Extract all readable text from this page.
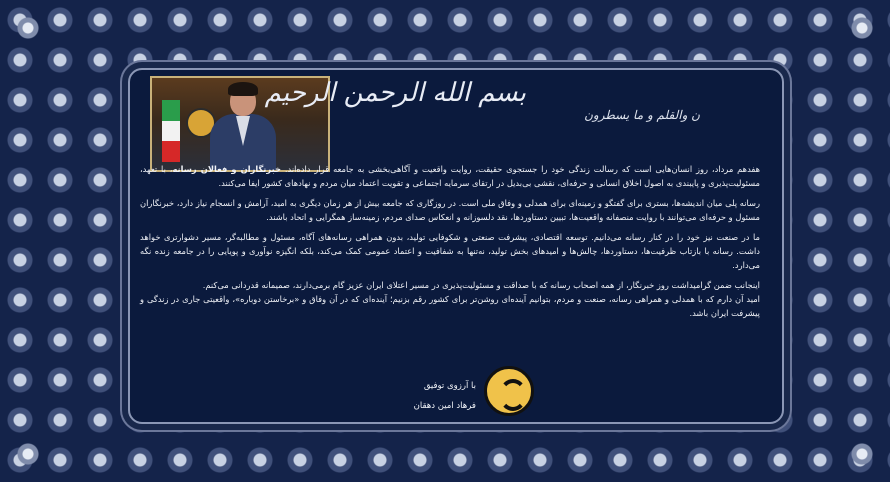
بسم الله الرحمن الرحیم
ن والقلم و ما یسطرون

هفدهم مرداد، روز انسان‌هایی است که رسالت زندگی خود را جستجوی حقیقت، روایت واقعیت و آگاهی‌بخشی به جامعه قرار داده‌اند. خبرنگاران و فعالان رسانه، با تعهد، مسئولیت‌پذیری و پایبندی به اصول اخلاق انسانی و حرفه‌ای، نقشی بی‌بدیل در ارتقای سرمایه اجتماعی و تقویت اعتماد میان مردم و نهادهای کشور ایفا می‌کنند.

رسانه پلی میان اندیشه‌ها، بستری برای گفتگو و زمینه‌ای برای همدلی و وفاق ملی است. در روزگاری که جامعه بیش از هر زمان دیگری به امید، آرامش و انسجام نیاز دارد، خبرنگاران مسئول و حرفه‌ای می‌توانند با روایت منصفانه واقعیت‌ها، تبیین دستاوردها، نقد دلسوزانه و انعکاس صدای مردم، زمینه‌ساز همگرایی و اتحاد باشند.

ما در صنعت نیز خود را در کنار رسانه می‌دانیم. توسعه اقتصادی، پیشرفت صنعتی و شکوفایی تولید، بدون همراهی رسانه‌های آگاه، مسئول و مطالبه‌گر، مسیر دشوارتری خواهد داشت. رسانه با بازتاب ظرفیت‌ها، دستاوردها، چالش‌ها و امیدهای بخش تولید، نه‌تنها به شفافیت و اعتماد عمومی کمک می‌کند، بلکه انگیزه نوآوری و پویایی را در جامعه زنده نگه می‌دارد.

اینجانب ضمن گرامیداشت روز خبرنگار، از همه اصحاب رسانه که با صداقت و مسئولیت‌پذیری در مسیر اعتلای ایران عزیز گام برمی‌دارند، صمیمانه قدردانی می‌کنم.

امید آن دارم که با همدلی و همراهی رسانه، صنعت و مردم، بتوانیم آینده‌ای روشن‌تر برای کشور رقم بزنیم؛ آینده‌ای که در آن وفاق و «برخاستن دوباره»، واقعیتی جاری در زندگی و پیشرفت ایران باشد.

با آرزوی توفیق
فرهاد امین دهقان
